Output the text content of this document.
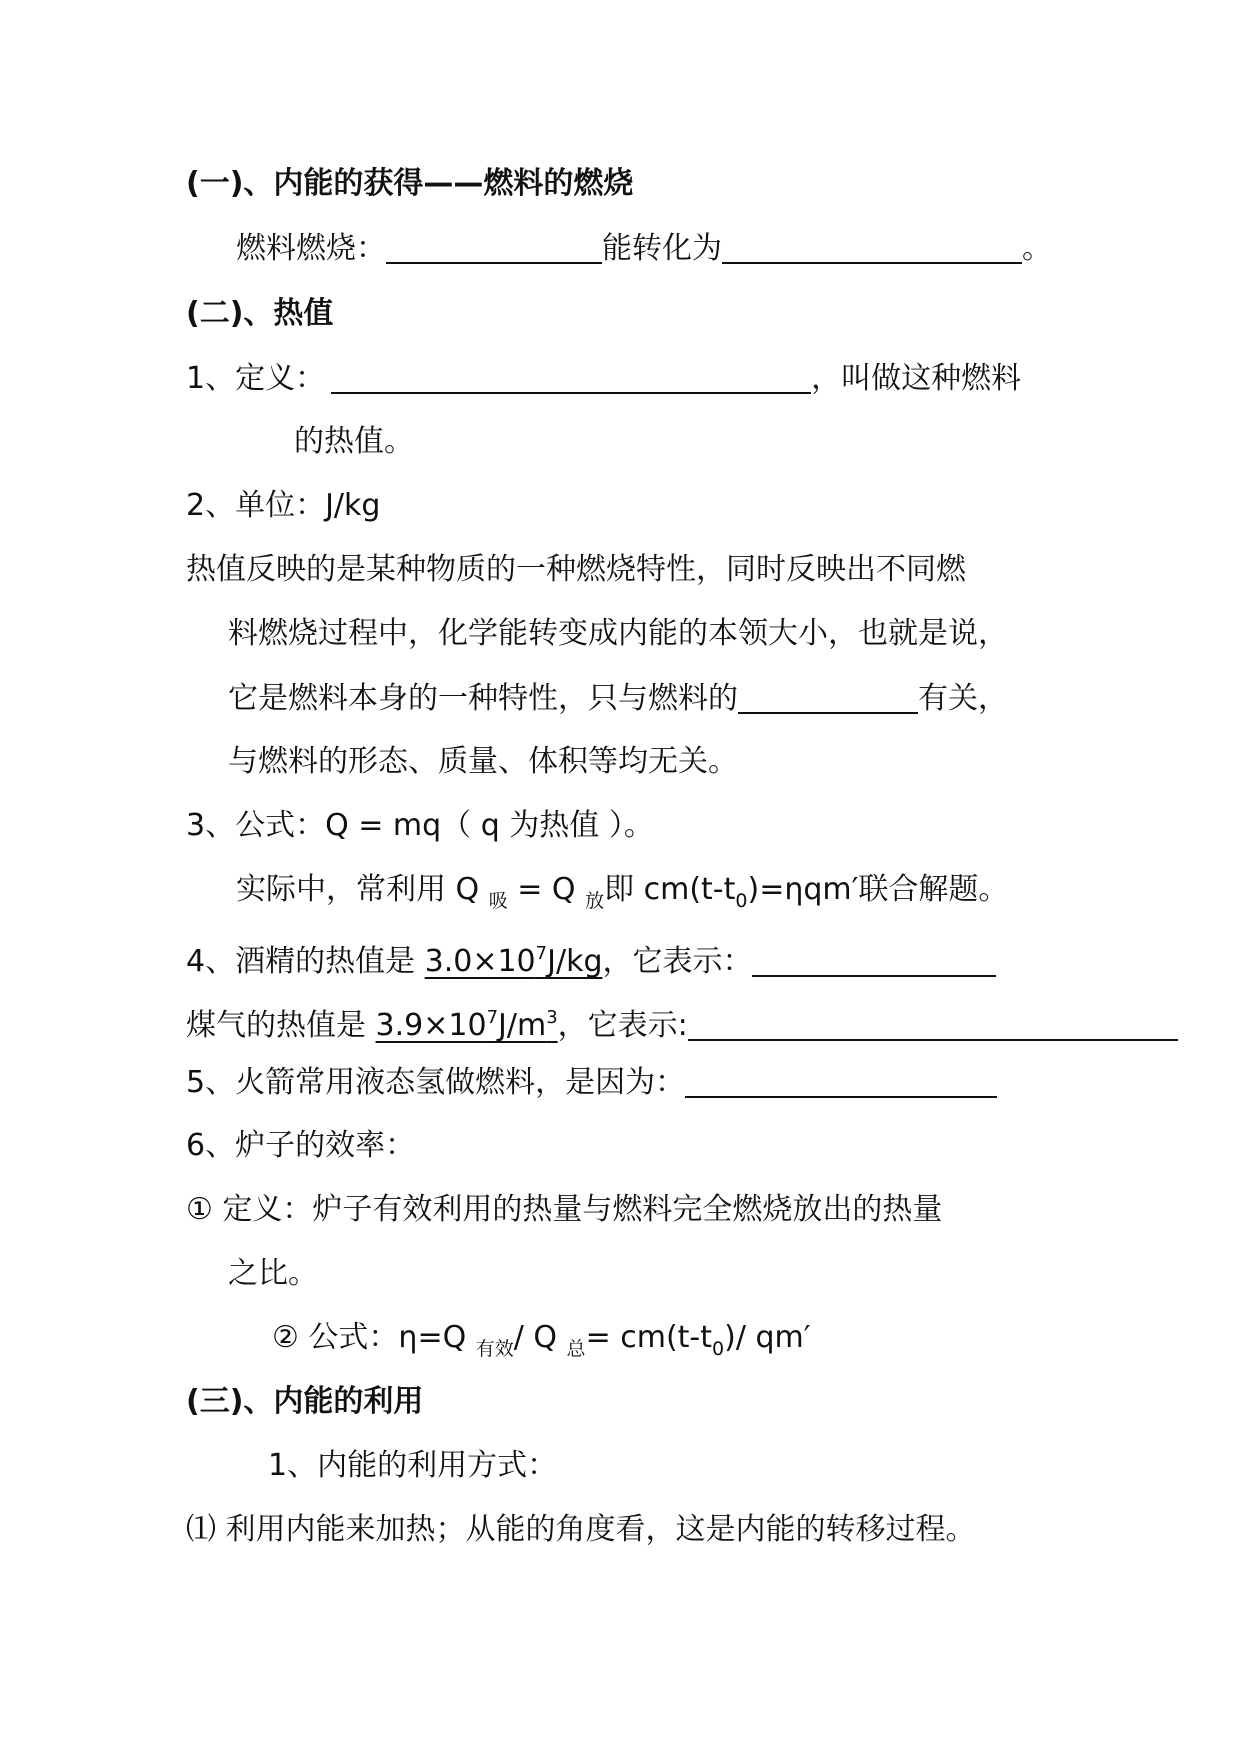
(一)、内能的获得——燃料的燃烧
燃料燃烧：	能转化为	。
(二)、热值
1、定义：	，叫做这种燃料
的热值。
2、单位：J/kg
热值反映的是某种物质的一种燃烧特性，同时反映出不同燃
料燃烧过程中，化学能转变成内能的本领大小，也就是说，
它是燃料本身的一种特性，只与燃料的	有关，
与燃料的形态、质量、体积等均无关。
3、公式：Q = mq（ q 为热值 ）。
实际中，常利用 Q $_吸$ = Q $_放$即 $cm(t-t_0)=\eta qm'$联合解题。
4、酒精的热值是 $3.0\times 10^7J/kg$，它表示：
煤气的热值是 $3.9\times 10^7J/m^3$，它表示:
5、火箭常用液态氢做燃料，是因为：
6、炉子的效率：
① 定义：炉子有效利用的热量与燃料完全燃烧放出的热量
之比。
② 公式：η=Q $_{有效}$/ Q $_总= cm(t-t_0)/$ qm′
(三)、内能的利用
1、内能的利用方式：
⑴ 利用内能来加热；从能的角度看，这是内能的转移过程。
